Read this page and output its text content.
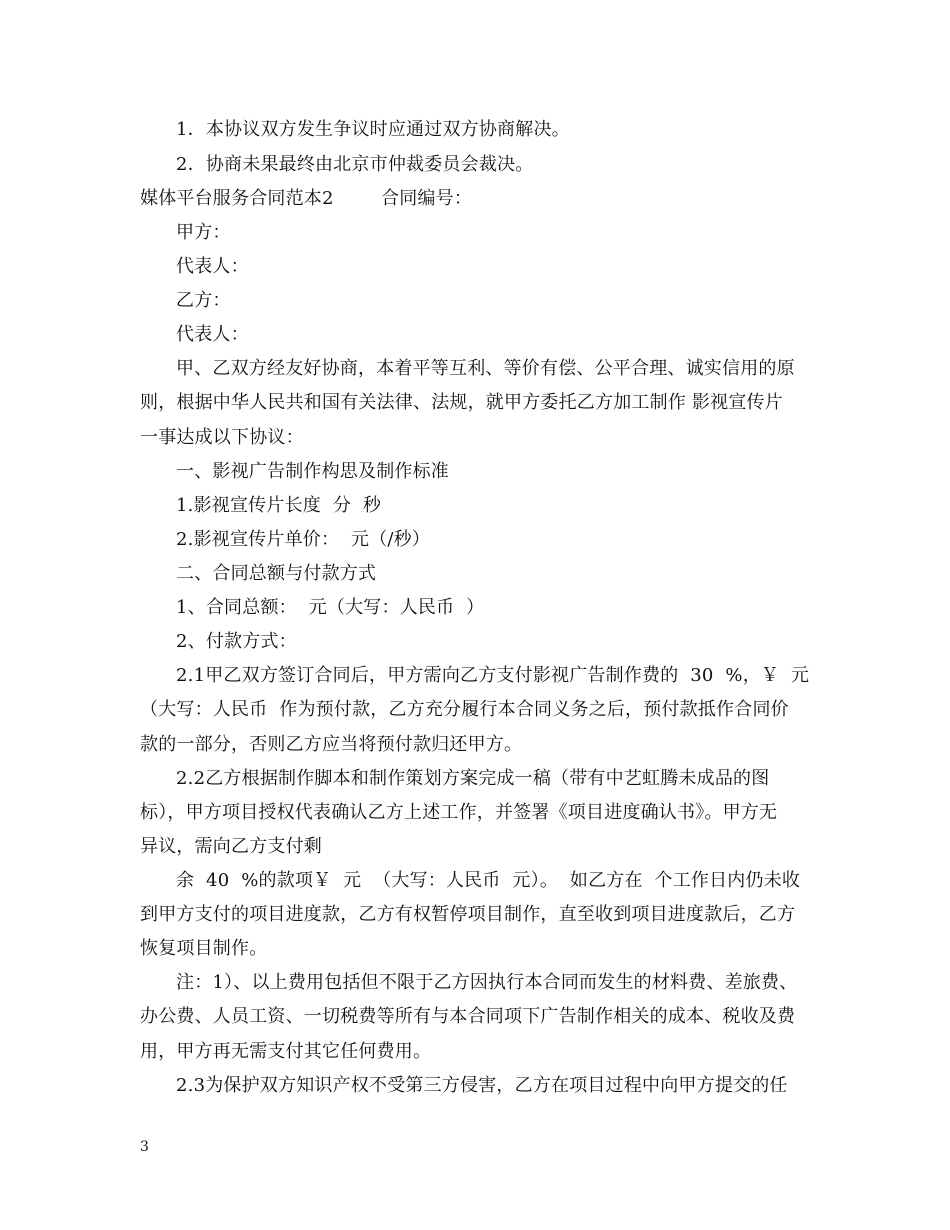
1．本协议双方发生争议时应通过双方协商解决。
2．协商未果最终由北京市仲裁委员会裁决。
媒体平台服务合同范本2        合同编号：
甲方：
代表人：
乙方：
代表人：
甲、乙双方经友好协商，本着平等互利、等价有偿、公平合理、诚实信用的原
则，根据中华人民共和国有关法律、法规，就甲方委托乙方加工制作 影视宣传片
一事达成以下协议：
一、影视广告制作构思及制作标准
1.影视宣传片长度  分  秒
2.影视宣传片单价：  元（/秒）
二、合同总额与付款方式
1、合同总额：  元（大写：人民币  ）
2、付款方式：
2.1甲乙双方签订合同后，甲方需向乙方支付影视广告制作费的  30  %，￥  元
（大写：人民币  作为预付款，乙方充分履行本合同义务之后，预付款抵作合同价
款的一部分，否则乙方应当将预付款归还甲方。
2.2乙方根据制作脚本和制作策划方案完成一稿（带有中艺虹腾未成品的图
标），甲方项目授权代表确认乙方上述工作，并签署《项目进度确认书》。甲方无
异议，需向乙方支付剩
余  40  %的款项￥  元  （大写：人民币  元）。  如乙方在  个工作日内仍未收
到甲方支付的项目进度款，乙方有权暂停项目制作，直至收到项目进度款后，乙方
恢复项目制作。
注：1）、以上费用包括但不限于乙方因执行本合同而发生的材料费、差旅费、
办公费、人员工资、一切税费等所有与本合同项下广告制作相关的成本、税收及费
用，甲方再无需支付其它任何费用。
2.3为保护双方知识产权不受第三方侵害，乙方在项目过程中向甲方提交的任
3
